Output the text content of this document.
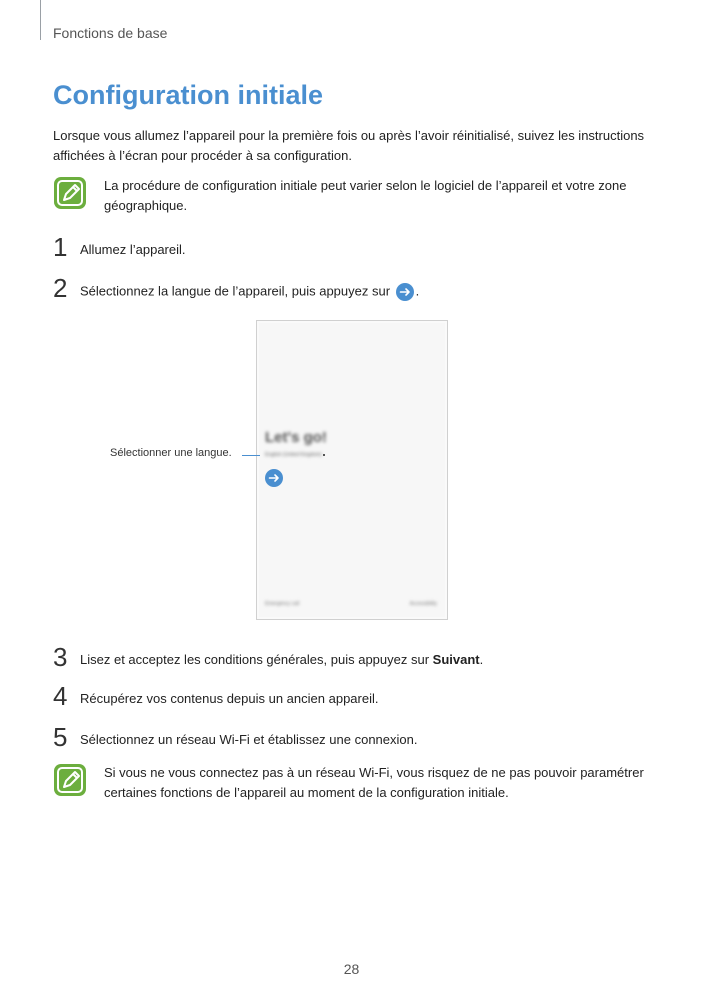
Fonctions de base
Configuration initiale
Lorsque vous allumez l’appareil pour la première fois ou après l’avoir réinitialisé, suivez les instructions affichées à l’écran pour procéder à sa configuration.
La procédure de configuration initiale peut varier selon le logiciel de l’appareil et votre zone géographique.
1 Allumez l’appareil.
2 Sélectionnez la langue de l’appareil, puis appuyez sur .
Let's go!
English (United Kingdom)
Emergency call	Accessibility
Sélectionner une langue.
3 Lisez et acceptez les conditions générales, puis appuyez sur Suivant.
4 Récupérez vos contenus depuis un ancien appareil.
5 Sélectionnez un réseau Wi-Fi et établissez une connexion.
Si vous ne vous connectez pas à un réseau Wi-Fi, vous risquez de ne pas pouvoir paramétrer certaines fonctions de l’appareil au moment de la configuration initiale.
28
